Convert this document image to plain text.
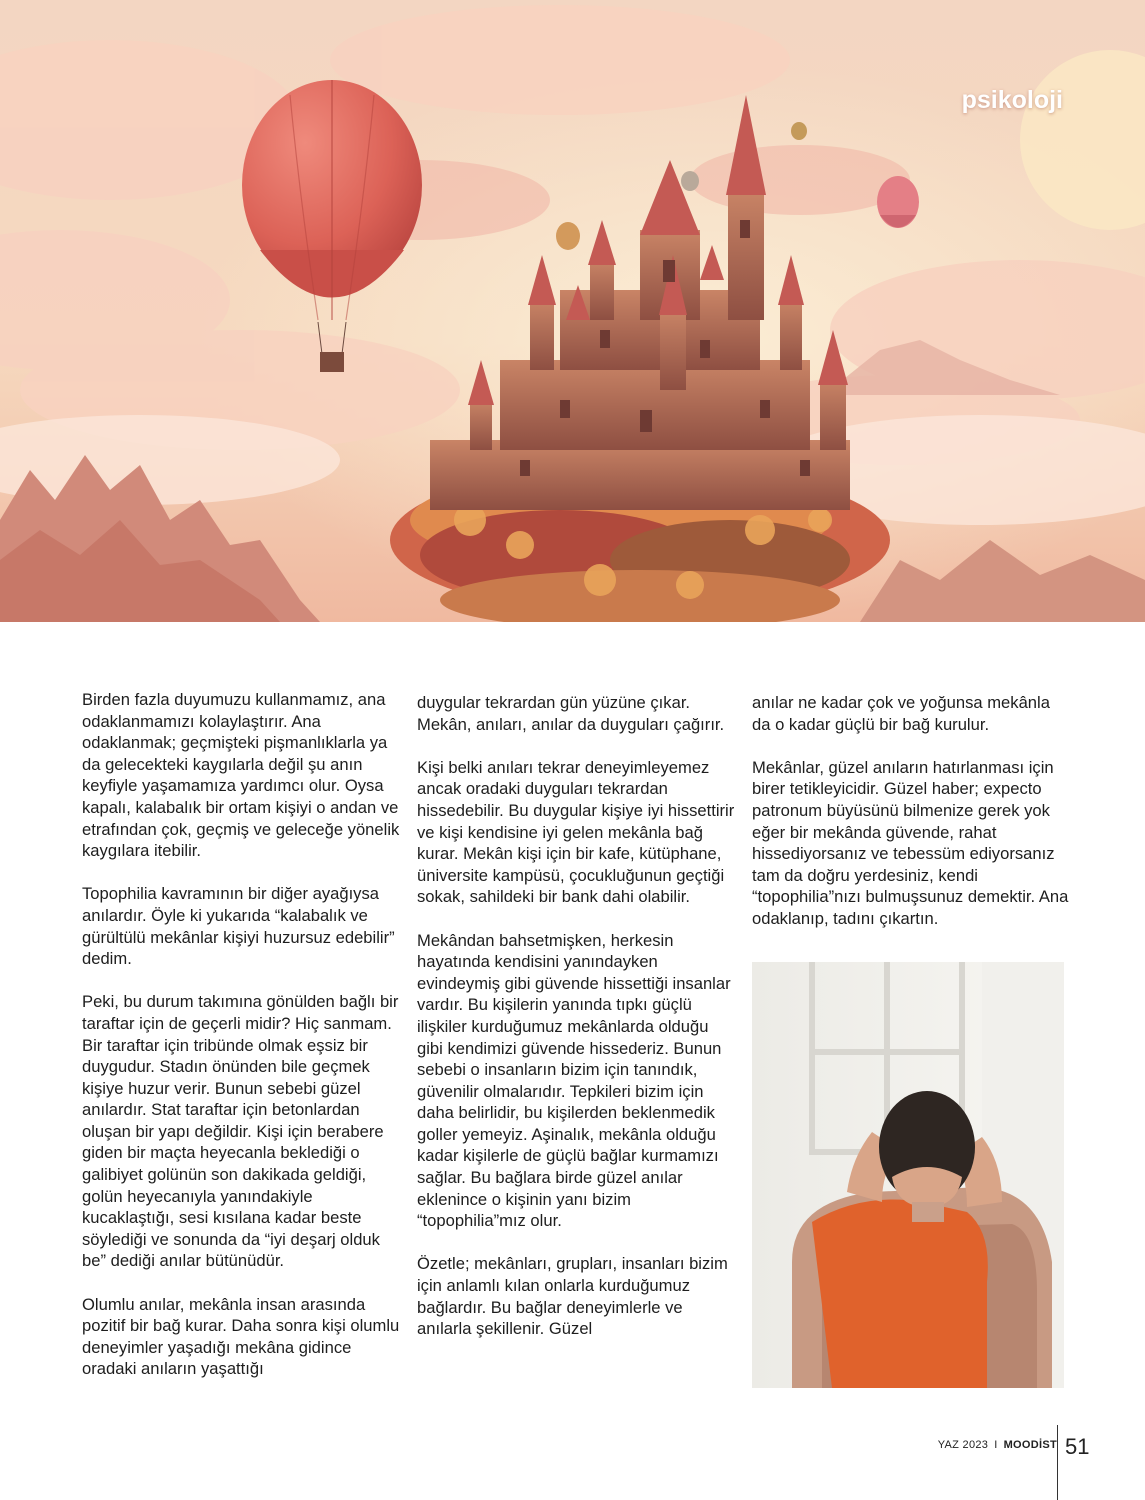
psikoloji

Birden fazla duyumuzu kullanmamız, ana odaklanmamızı kolaylaştırır. Ana odaklanmak; geçmişteki pişmanlıklarla ya da gelecekteki kaygılarla değil şu anın keyfiyle yaşamamıza yardımcı olur. Oysa kapalı, kalabalık bir ortam kişiyi o andan ve etrafından çok, geçmiş ve geleceğe yönelik kaygılara itebilir.

Topophilia kavramının bir diğer ayağıysa anılardır. Öyle ki yukarıda “kalabalık ve gürültülü mekânlar kişiyi huzursuz edebilir” dedim.

Peki, bu durum takımına gönülden bağlı bir taraftar için de geçerli midir? Hiç sanmam. Bir taraftar için tribünde olmak eşsiz bir duygudur. Stadın önünden bile geçmek kişiye huzur verir. Bunun sebebi güzel anılardır. Stat taraftar için betonlardan oluşan bir yapı değildir. Kişi için berabere giden bir maçta heyecanla beklediği o galibiyet golünün son dakikada geldiği, golün heyecanıyla yanındakiyle kucaklaştığı, sesi kısılana kadar beste söylediği ve sonunda da “iyi deşarj olduk be” dediği anılar bütünüdür.

Olumlu anılar, mekânla insan arasında pozitif bir bağ kurar. Daha sonra kişi olumlu deneyimler yaşadığı mekâna gidince oradaki anıların yaşattığı

duygular tekrardan gün yüzüne çıkar. Mekân, anıları, anılar da duyguları çağırır.

Kişi belki anıları tekrar deneyimleyemez ancak oradaki duyguları tekrardan hissedebilir. Bu duygular kişiye iyi hissettirir ve kişi kendisine iyi gelen mekânla bağ kurar. Mekân kişi için bir kafe, kütüphane, üniversite kampüsü, çocukluğunun geçtiği sokak, sahildeki bir bank dahi olabilir.

Mekândan bahsetmişken, herkesin hayatında kendisini yanındayken evindeymiş gibi güvende hissettiği insanlar vardır. Bu kişilerin yanında tıpkı güçlü ilişkiler kurduğumuz mekânlarda olduğu gibi kendimizi güvende hissederiz. Bunun sebebi o insanların bizim için tanındık, güvenilir olmalarıdır. Tepkileri bizim için daha belirlidir, bu kişilerden beklenmedik goller yemeyiz. Aşinalık, mekânla olduğu kadar kişilerle de güçlü bağlar kurmamızı sağlar. Bu bağlara birde güzel anılar eklenince o kişinin yanı bizim “topophilia”mız olur.

Özetle; mekânları, grupları, insanları bizim için anlamlı kılan onlarla kurduğumuz bağlardır. Bu bağlar deneyimlerle ve anılarla şekillenir. Güzel

anılar ne kadar çok ve yoğunsa mekânla da o kadar güçlü bir bağ kurulur.

Mekânlar, güzel anıların hatırlanması için birer tetikleyicidir. Güzel haber; expecto patronum büyüsünü bilmenize gerek yok eğer bir mekânda güvende, rahat hissediyorsanız ve tebessüm ediyorsanız tam da doğru yerdesiniz, kendi “topophilia”nızı bulmuşsunuz demektir. Ana odaklanıp, tadını çıkartın.

YAZ 2023 I MOODİST 51
